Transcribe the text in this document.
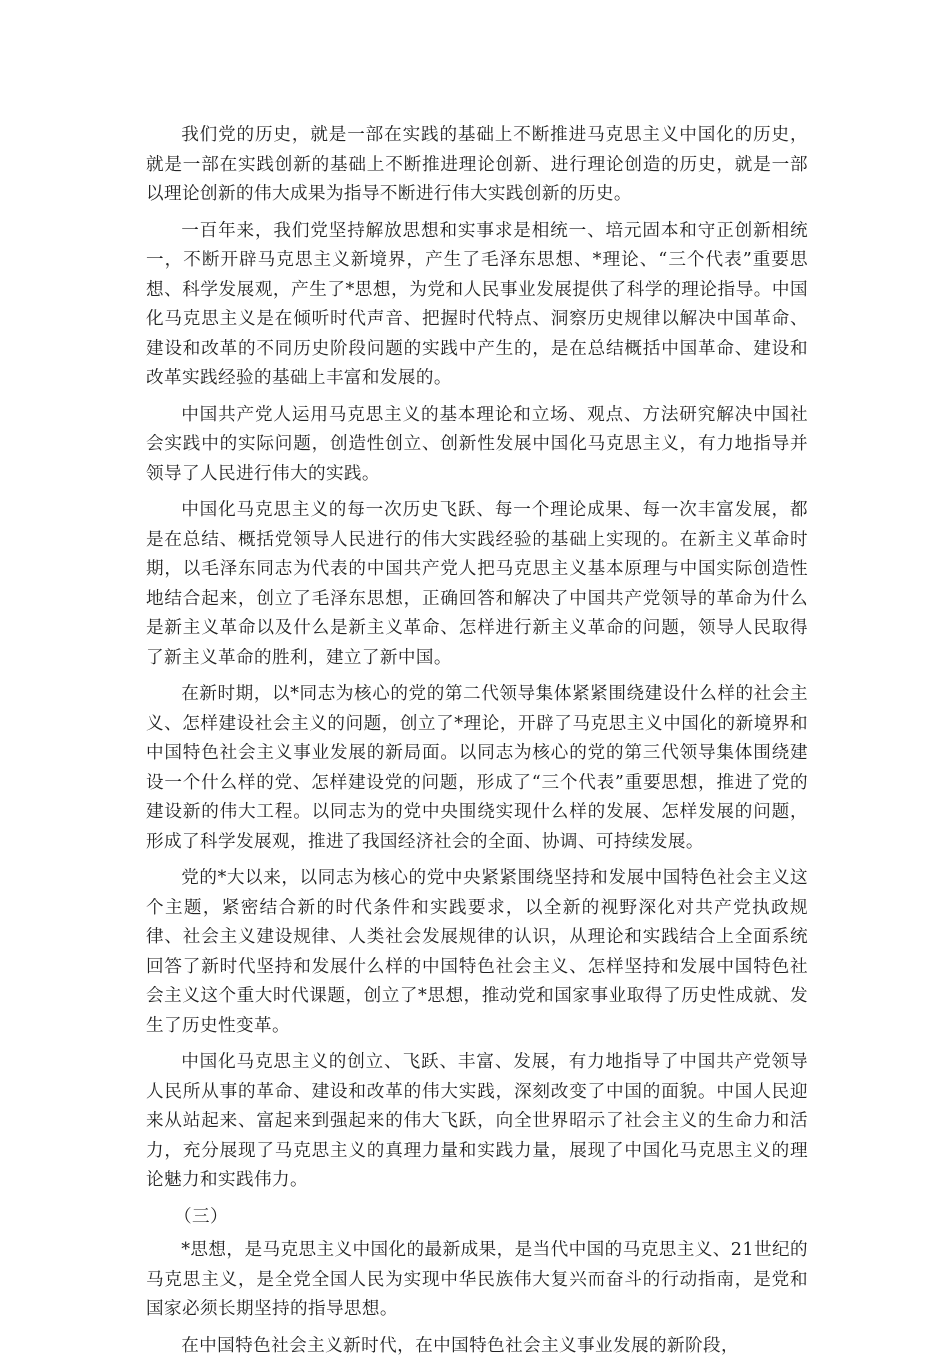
我们党的历史，就是一部在实践的基础上不断推进马克思主义中国化的历史，就是一部在实践创新的基础上不断推进理论创新、进行理论创造的历史，就是一部以理论创新的伟大成果为指导不断进行伟大实践创新的历史。

一百年来，我们党坚持解放思想和实事求是相统一、培元固本和守正创新相统一，不断开辟马克思主义新境界，产生了毛泽东思想、*理论、“三个代表”重要思想、科学发展观，产生了*思想，为党和人民事业发展提供了科学的理论指导。中国化马克思主义是在倾听时代声音、把握时代特点、洞察历史规律以解决中国革命、建设和改革的不同历史阶段问题的实践中产生的，是在总结概括中国革命、建设和改革实践经验的基础上丰富和发展的。

中国共产党人运用马克思主义的基本理论和立场、观点、方法研究解决中国社会实践中的实际问题，创造性创立、创新性发展中国化马克思主义，有力地指导并领导了人民进行伟大的实践。

中国化马克思主义的每一次历史飞跃、每一个理论成果、每一次丰富发展，都是在总结、概括党领导人民进行的伟大实践经验的基础上实现的。在新主义革命时期，以毛泽东同志为代表的中国共产党人把马克思主义基本原理与中国实际创造性地结合起来，创立了毛泽东思想，正确回答和解决了中国共产党领导的革命为什么是新主义革命以及什么是新主义革命、怎样进行新主义革命的问题，领导人民取得了新主义革命的胜利，建立了新中国。

在新时期，以*同志为核心的党的第二代领导集体紧紧围绕建设什么样的社会主义、怎样建设社会主义的问题，创立了*理论，开辟了马克思主义中国化的新境界和中国特色社会主义事业发展的新局面。以同志为核心的党的第三代领导集体围绕建设一个什么样的党、怎样建设党的问题，形成了“三个代表”重要思想，推进了党的建设新的伟大工程。以同志为的党中央围绕实现什么样的发展、怎样发展的问题，形成了科学发展观，推进了我国经济社会的全面、协调、可持续发展。

党的*大以来，以同志为核心的党中央紧紧围绕坚持和发展中国特色社会主义这个主题，紧密结合新的时代条件和实践要求，以全新的视野深化对共产党执政规律、社会主义建设规律、人类社会发展规律的认识，从理论和实践结合上全面系统回答了新时代坚持和发展什么样的中国特色社会主义、怎样坚持和发展中国特色社会主义这个重大时代课题，创立了*思想，推动党和国家事业取得了历史性成就、发生了历史性变革。

中国化马克思主义的创立、飞跃、丰富、发展，有力地指导了中国共产党领导人民所从事的革命、建设和改革的伟大实践，深刻改变了中国的面貌。中国人民迎来从站起来、富起来到强起来的伟大飞跃，向全世界昭示了社会主义的生命力和活力，充分展现了马克思主义的真理力量和实践力量，展现了中国化马克思主义的理论魅力和实践伟力。

（三）

*思想，是马克思主义中国化的最新成果，是当代中国的马克思主义、21世纪的马克思主义，是全党全国人民为实现中华民族伟大复兴而奋斗的行动指南，是党和国家必须长期坚持的指导思想。

在中国特色社会主义新时代，在中国特色社会主义事业发展的新阶段，
